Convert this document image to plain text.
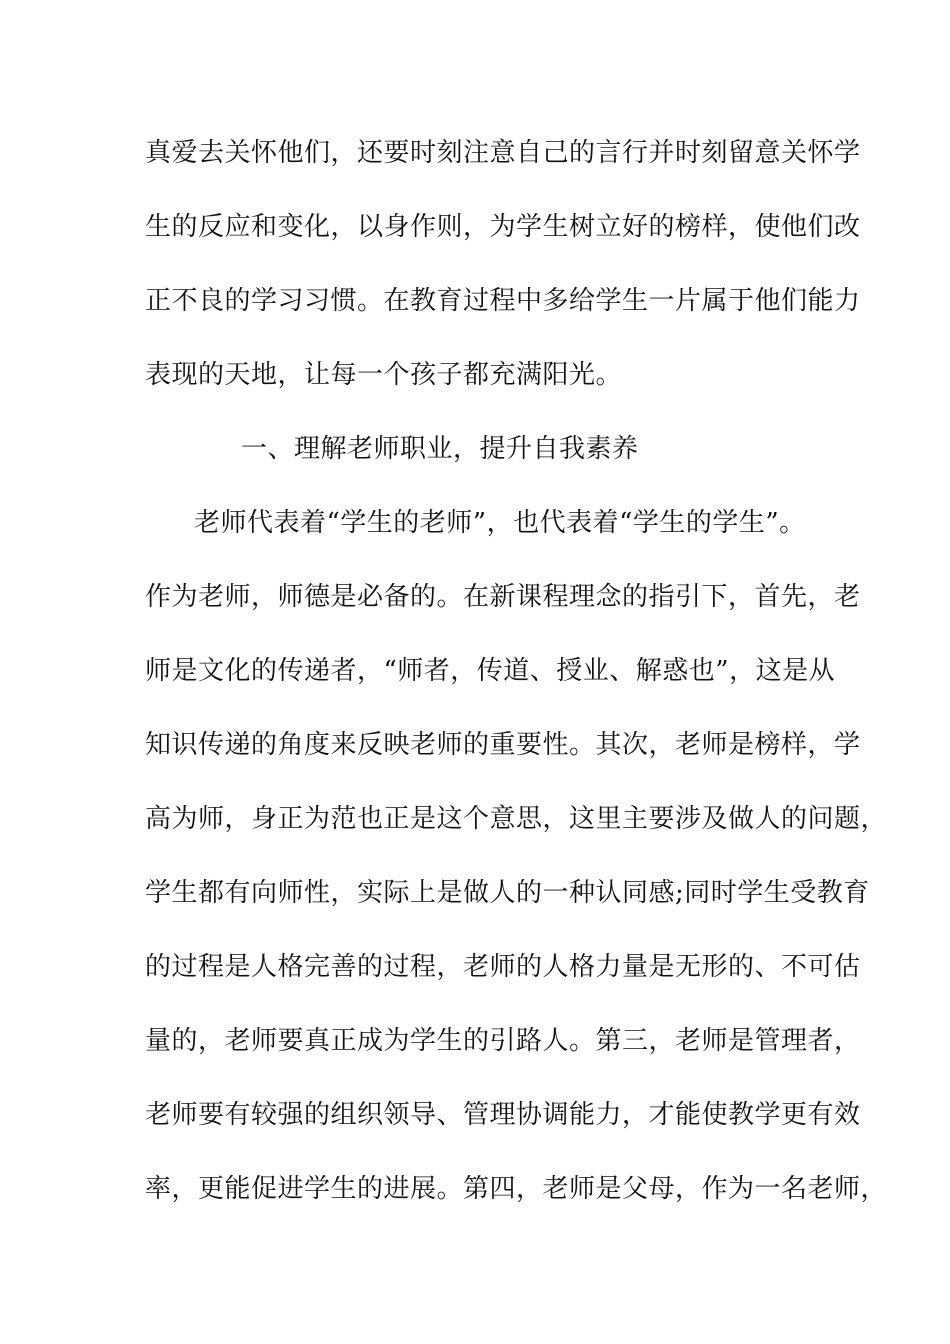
真爱去关怀他们，还要时刻注意自己的言行并时刻留意关怀学
生的反应和变化，以身作则，为学生树立好的榜样，使他们改
正不良的学习习惯。在教育过程中多给学生一片属于他们能力
表现的天地，让每一个孩子都充满阳光。
一、理解老师职业，提升自我素养
老师代表着“学生的老师”，也代表着“学生的学生”。
作为老师，师德是必备的。在新课程理念的指引下，首先，老
师是文化的传递者，“师者，传道、授业、解惑也”，这是从
知识传递的角度来反映老师的重要性。其次，老师是榜样，学
高为师，身正为范也正是这个意思，这里主要涉及做人的问题，
学生都有向师性，实际上是做人的一种认同感;同时学生受教育
的过程是人格完善的过程，老师的人格力量是无形的、不可估
量的，老师要真正成为学生的引路人。第三，老师是管理者，
老师要有较强的组织领导、管理协调能力，才能使教学更有效
率，更能促进学生的进展。第四，老师是父母，作为一名老师，
